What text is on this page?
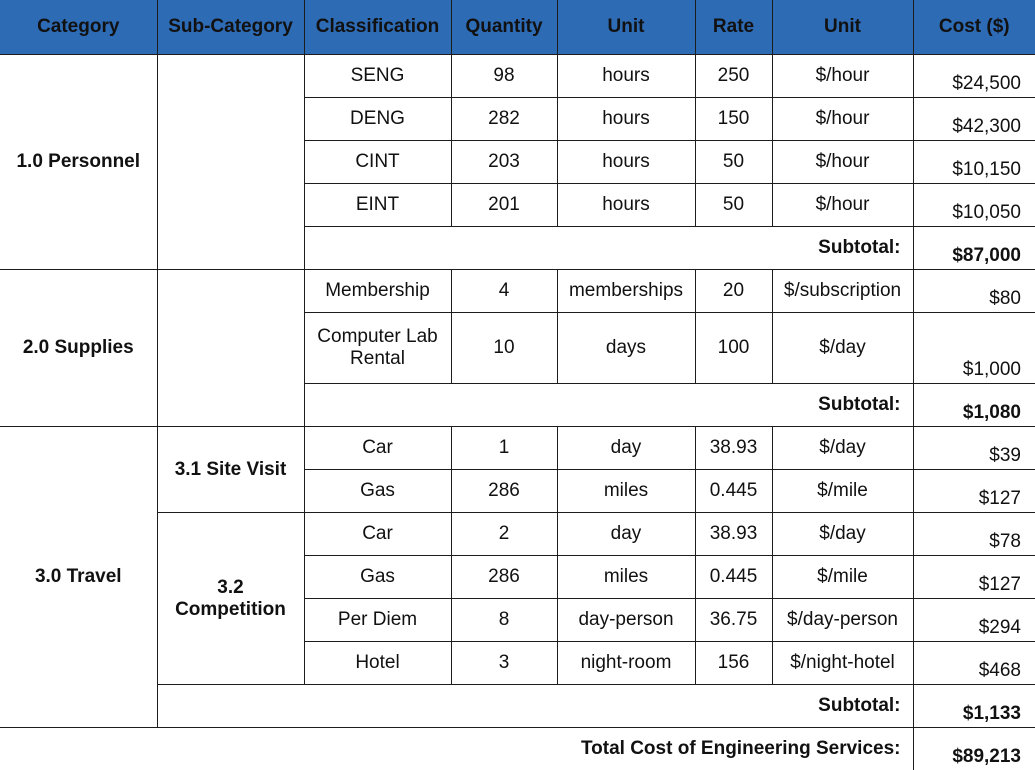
Category	Sub-Category	Classification	Quantity	Unit	Rate	Unit	Cost ($)
1.0 Personnel		SENG	98	hours	250	$/hour	$24,500
		DENG	282	hours	150	$/hour	$42,300
		CINT	203	hours	50	$/hour	$10,150
		EINT	201	hours	50	$/hour	$10,050
		Subtotal:					$87,000
2.0 Supplies		Membership	4	memberships	20	$/subscription	$80
		Computer Lab Rental	10	days	100	$/day	$1,000
		Subtotal:					$1,080
3.0 Travel	3.1 Site Visit	Car	1	day	38.93	$/day	$39
		Gas	286	miles	0.445	$/mile	$127
	3.2 Competition	Car	2	day	38.93	$/day	$78
		Gas	286	miles	0.445	$/mile	$127
		Per Diem	8	day-person	36.75	$/day-person	$294
		Hotel	3	night-room	156	$/night-hotel	$468
	Subtotal:						$1,133
Total Cost of Engineering Services:							$89,213
